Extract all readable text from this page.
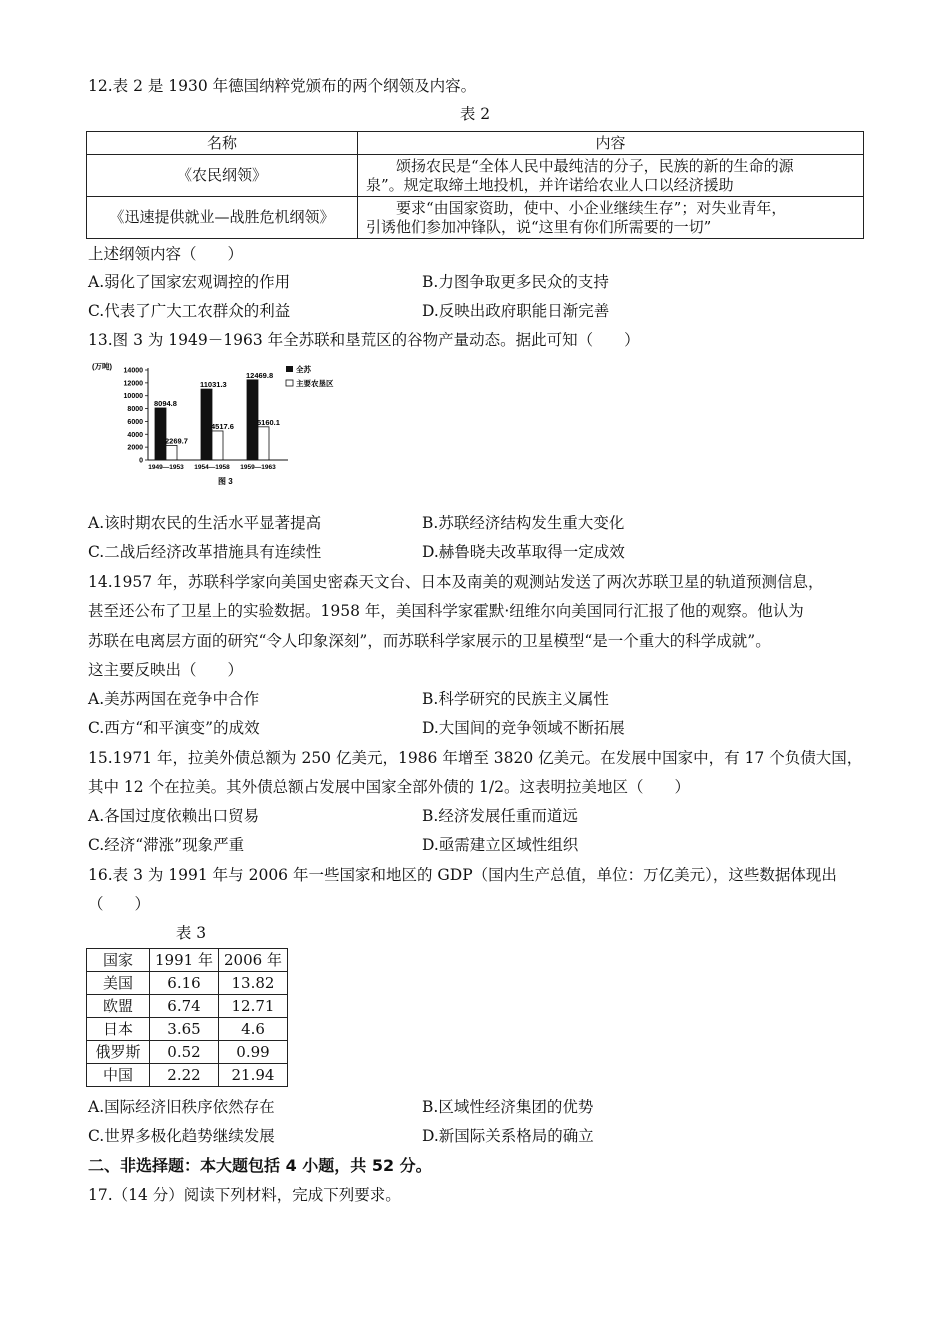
12.表 2 是 1930 年德国纳粹党颁布的两个纲领及内容。
表 2
名称	内容
《农民纲领》	颂扬农民是“全体人民中最纯洁的分子，民族的新的生命的源
泉”。规定取缔土地投机，并许诺给农业人口以经济援助

《迅速提供就业—战胜危机纲领》	要求“由国家资助，使中、小企业继续生存”；对失业青年，
引诱他们参加冲锋队，说“这里有你们所需要的一切”
上述纲领内容（　　）
A.弱化了国家宏观调控的作用	B.力图争取更多民众的支持
C.代表了广大工农群众的利益	D.反映出政府职能日渐完善
13.图 3 为 1949－1963 年全苏联和垦荒区的谷物产量动态。据此可知（　　）
0
2000
4000
6000
8000
10000
12000
14000
8094.8
2269.7
11031.3
4517.6
12469.8
5160.1
1949—1953 1954—1958 1959—1963
(万吨)	全苏
主要农垦区
图 3
A.该时期农民的生活水平显著提高	B.苏联经济结构发生重大变化
C.二战后经济改革措施具有连续性	D.赫鲁晓夫改革取得一定成效
14.1957 年，苏联科学家向美国史密森天文台、日本及南美的观测站发送了两次苏联卫星的轨道预测信息，
甚至还公布了卫星上的实验数据。1958 年，美国科学家霍默·纽维尔向美国同行汇报了他的观察。他认为
苏联在电离层方面的研究“令人印象深刻”，而苏联科学家展示的卫星模型“是一个重大的科学成就”。
这主要反映出（　　）
A.美苏两国在竞争中合作	B.科学研究的民族主义属性
C.西方“和平演变”的成效	D.大国间的竞争领域不断拓展
15.1971 年，拉美外债总额为 250 亿美元，1986 年增至 3820 亿美元。在发展中国家中，有 17 个负债大国，
其中 12 个在拉美。其外债总额占发展中国家全部外债的 1/2。这表明拉美地区（　　）
A.各国过度依赖出口贸易	B.经济发展任重而道远
C.经济“滞涨”现象严重	D.亟需建立区域性组织
16.表 3 为 1991 年与 2006 年一些国家和地区的 GDP（国内生产总值，单位：万亿美元），这些数据体现出
（　　）
表 3
国家	1991 年	2006 年
美国	6.16	13.82
欧盟	6.74	12.71
日本	3.65	4.6
俄罗斯	0.52	0.99
中国	2.22	21.94
A.国际经济旧秩序依然存在	B.区域性经济集团的优势
C.世界多极化趋势继续发展	D.新国际关系格局的确立
二、非选择题：本大题包括 4 小题，共 52 分。
17.（14 分）阅读下列材料，完成下列要求。
